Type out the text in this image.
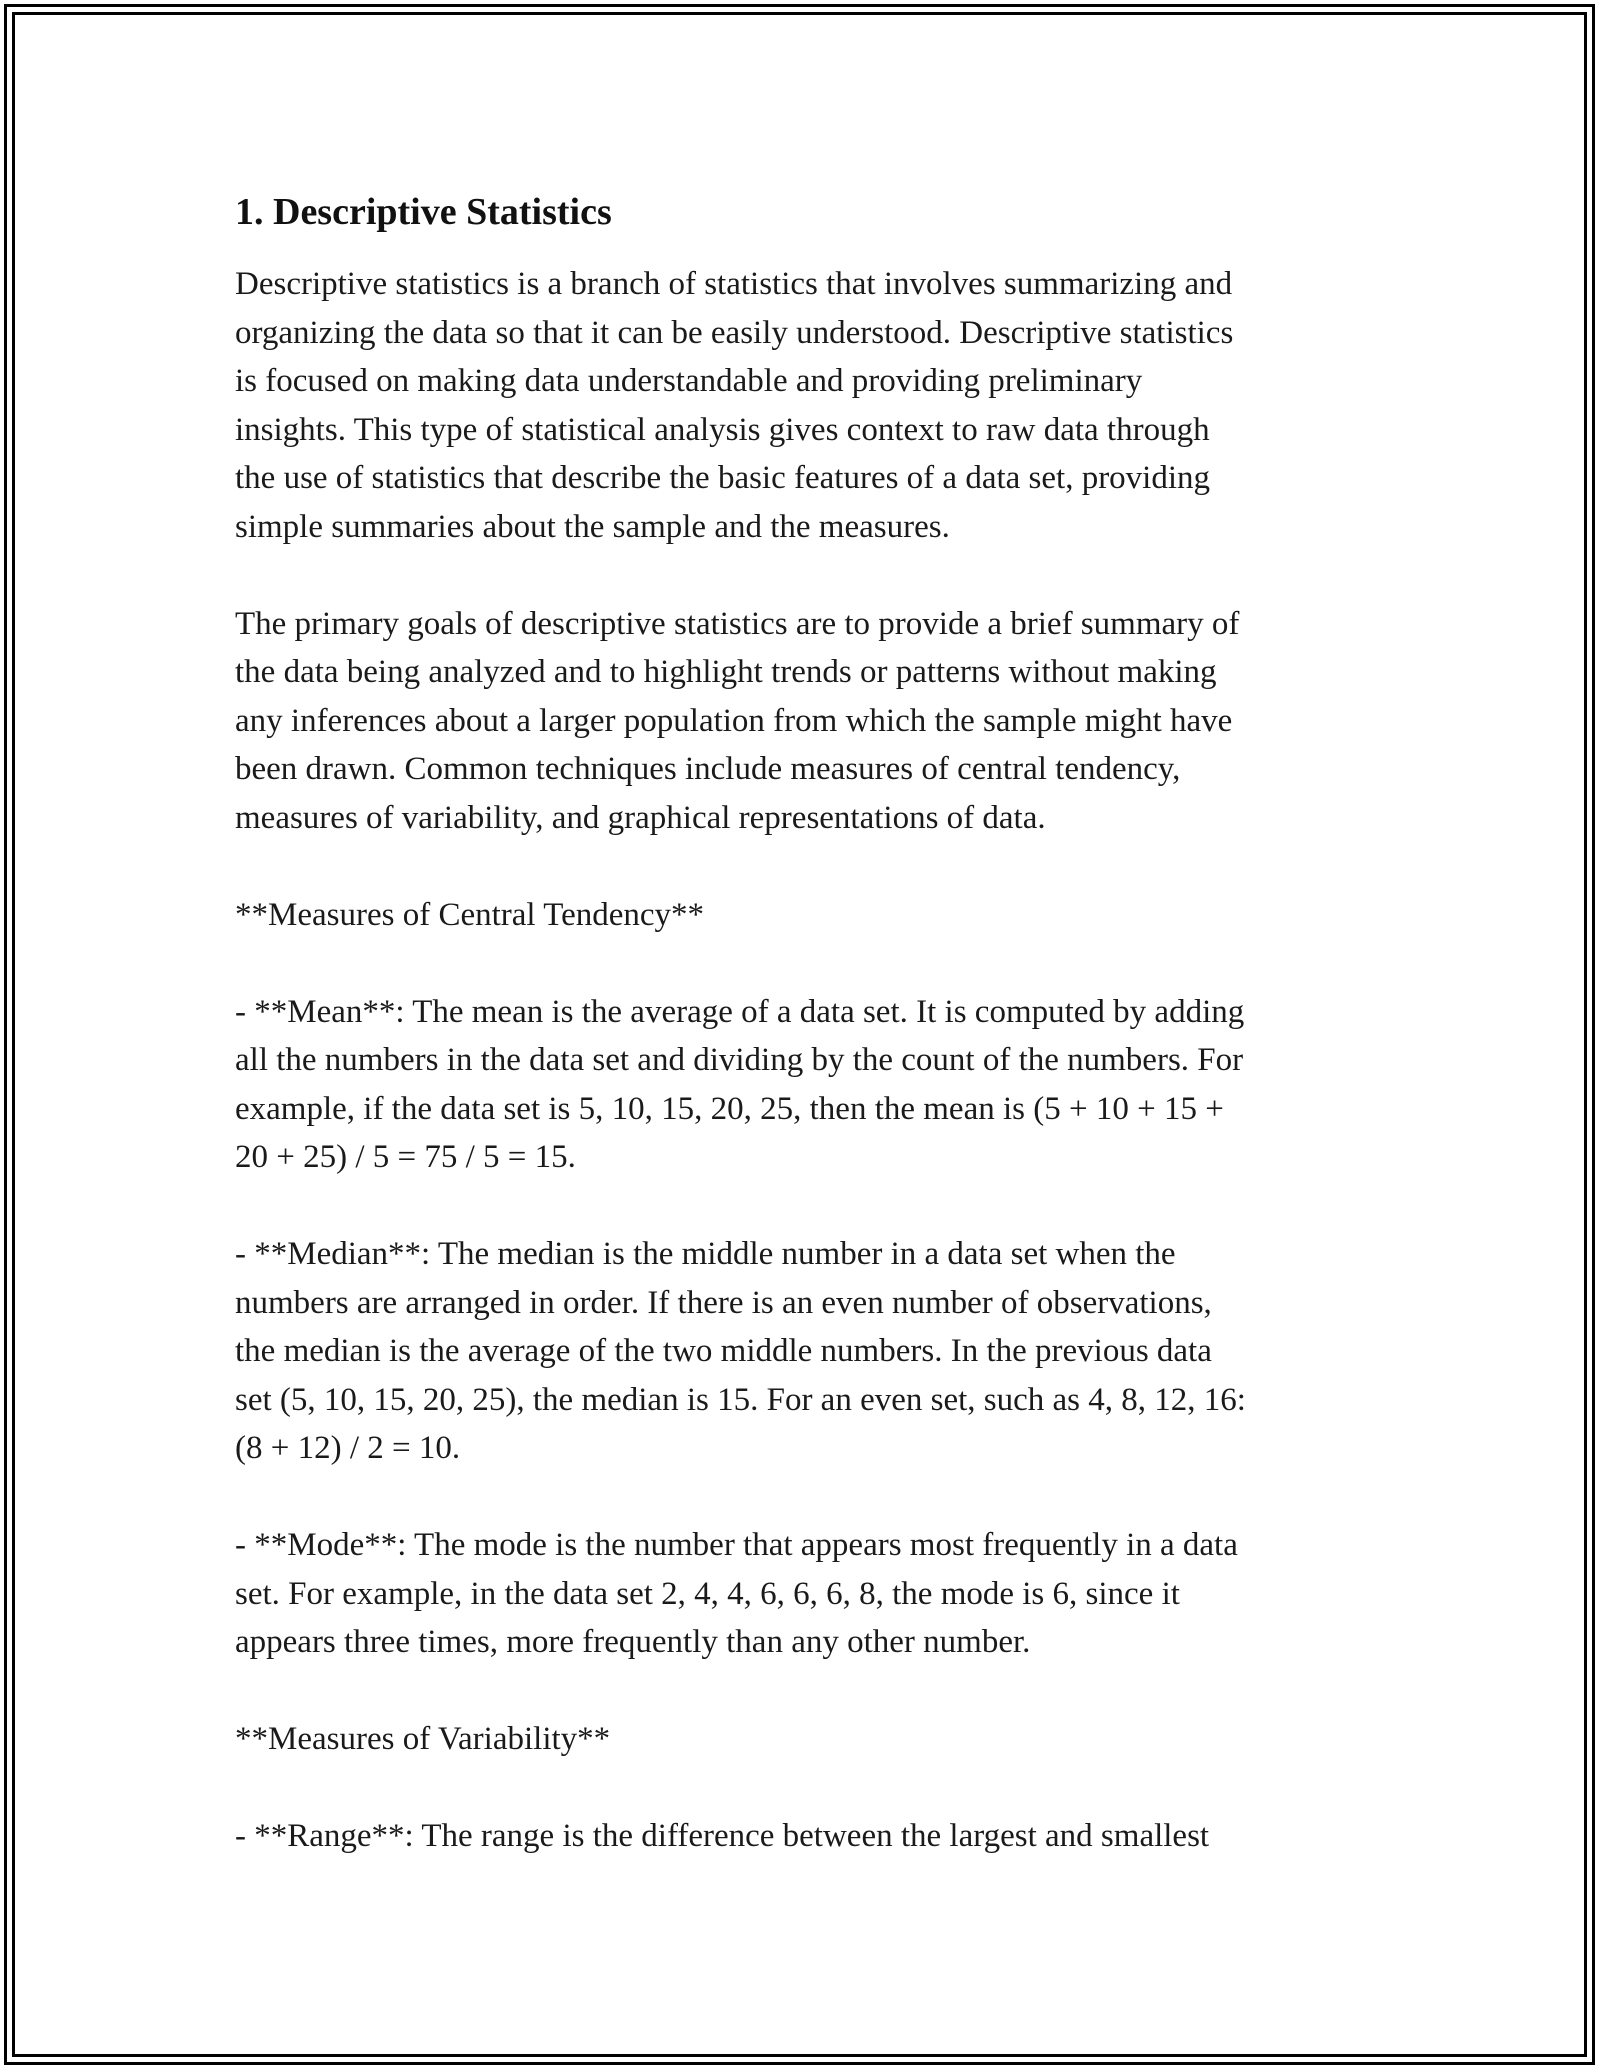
1. Descriptive Statistics

Descriptive statistics is a branch of statistics that involves summarizing and
organizing the data so that it can be easily understood. Descriptive statistics
is focused on making data understandable and providing preliminary
insights. This type of statistical analysis gives context to raw data through
the use of statistics that describe the basic features of a data set, providing
simple summaries about the sample and the measures.

The primary goals of descriptive statistics are to provide a brief summary of
the data being analyzed and to highlight trends or patterns without making
any inferences about a larger population from which the sample might have
been drawn. Common techniques include measures of central tendency,
measures of variability, and graphical representations of data.

**Measures of Central Tendency**

- **Mean**: The mean is the average of a data set. It is computed by adding
all the numbers in the data set and dividing by the count of the numbers. For
example, if the data set is 5, 10, 15, 20, 25, then the mean is (5 + 10 + 15 +
20 + 25) / 5 = 75 / 5 = 15.

- **Median**: The median is the middle number in a data set when the
numbers are arranged in order. If there is an even number of observations,
the median is the average of the two middle numbers. In the previous data
set (5, 10, 15, 20, 25), the median is 15. For an even set, such as 4, 8, 12, 16:
(8 + 12) / 2 = 10.

- **Mode**: The mode is the number that appears most frequently in a data
set. For example, in the data set 2, 4, 4, 6, 6, 6, 8, the mode is 6, since it
appears three times, more frequently than any other number.

**Measures of Variability**

- **Range**: The range is the difference between the largest and smallest
